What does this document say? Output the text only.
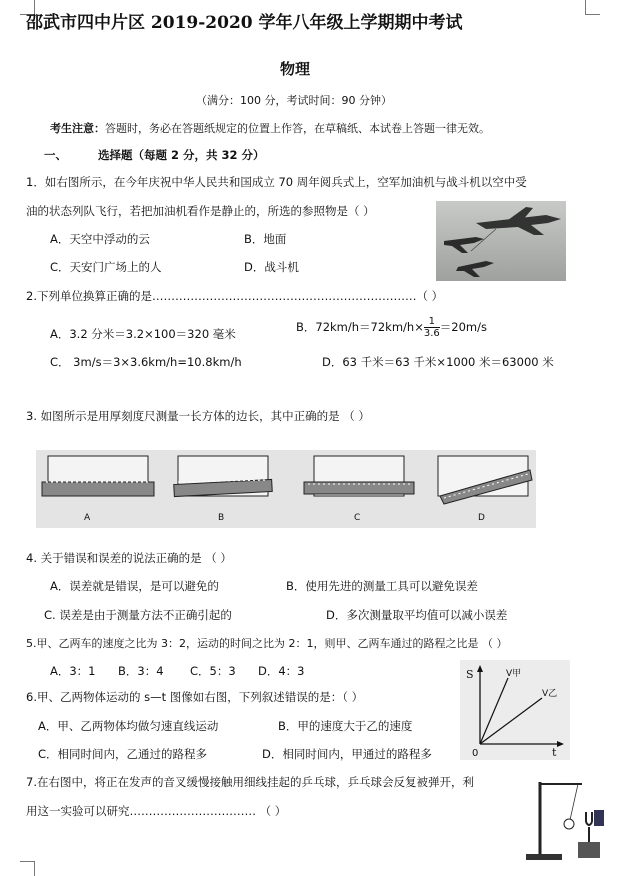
邵武市四中片区 2019-2020 学年八年级上学期期中考试
物理
（满分：100 分，考试时间：90 分钟）
考生注意：答题时，务必在答题纸规定的位置上作答，在草稿纸、本试卷上答题一律无效。
一、	选择题（每题 2 分，共 32 分）
1．如右图所示，在今年庆祝中华人民共和国成立 70 周年阅兵式上，空军加油机与战斗机以空中受
油的状态列队飞行，若把加油机看作是静止的，所选的参照物是（ ）
A．天空中浮动的云	B．地面
C．天安门广场上的人	D．战斗机
2.下列单位换算正确的是……………………………………………………………（ ）
A．3.2 分米＝3.2×100＝320 毫米	B．$72km/h=72km/h\times \frac{1}{3.6} =20m/s$
C． 3m/s＝3×3.6km/h=10.8km/h	D．63 千米＝63 千米×1000 米＝63000 米
3. 如图所示是用厚刻度尺测量一长方体的边长，其中正确的是 （ ）
A	B	C	D
4. 关于错误和误差的说法正确的是 （ ）
A．误差就是错误，是可以避免的	B．使用先进的测量工具可以避免误差
C. 误差是由于测量方法不正确引起的	D．多次测量取平均值可以减小误差
5.甲、乙两车的速度之比为 3：2，运动的时间之比为 2：1，则甲、乙两车通过的路程之比是 （ ）
A．3：1 B．3：4 C．5：3 D．4：3
6.甲、乙两物体运动的 s—t 图像如右图，下列叙述错误的是：（ ）
A．甲、乙两物体均做匀速直线运动	B．甲的速度大于乙的速度
C．相同时间内，乙通过的路程多	D．相同时间内，甲通过的路程多
S
0	t
V甲
V乙
7.在右图中，将正在发声的音叉缓慢接触用细线挂起的乒乓球，乒乓球会反复被弹开，利
用这一实验可以研究…………………………… （ ）
